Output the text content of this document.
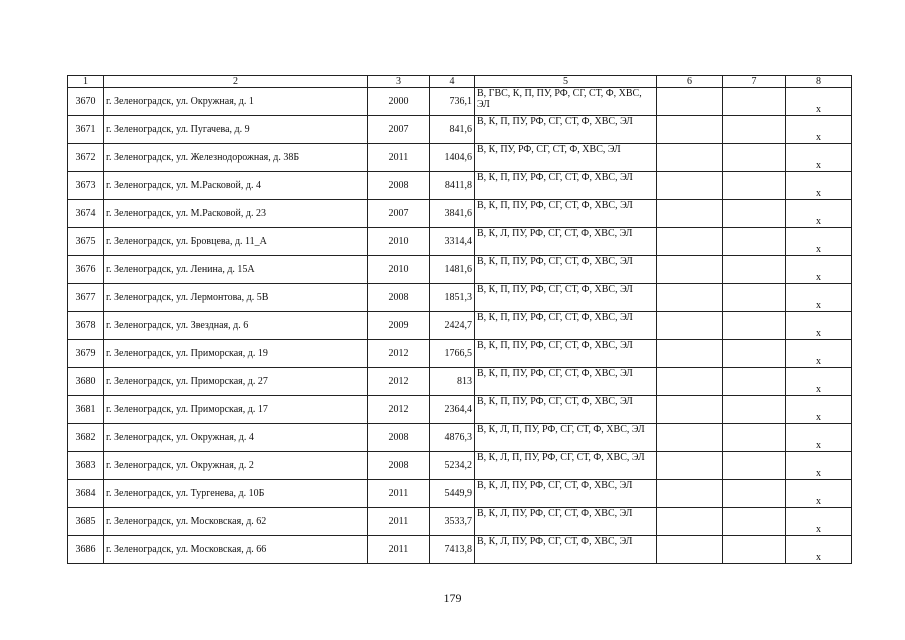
1	2	3	4	5	6	7	8
3670	г. Зеленоградск, ул. Окружная, д. 1	2000	736,1	В, ГВС, К, П, ПУ, РФ, СГ, СТ, Ф, ХВС, ЭЛ			х
3671	г. Зеленоградск, ул. Пугачева, д. 9	2007	841,6	В, К, П, ПУ, РФ, СГ, СТ, Ф, ХВС, ЭЛ			х
3672	г. Зеленоградск, ул. Железнодорожная, д. 38Б	2011	1404,6	В, К, ПУ, РФ, СГ, СТ, Ф, ХВС, ЭЛ			х
3673	г. Зеленоградск, ул. М.Расковой, д. 4	2008	8411,8	В, К, П, ПУ, РФ, СГ, СТ, Ф, ХВС, ЭЛ			х
3674	г. Зеленоградск, ул. М.Расковой, д. 23	2007	3841,6	В, К, П, ПУ, РФ, СГ, СТ, Ф, ХВС, ЭЛ			х
3675	г. Зеленоградск, ул. Бровцева, д. 11_А	2010	3314,4	В, К, Л, ПУ, РФ, СГ, СТ, Ф, ХВС, ЭЛ			х
3676	г. Зеленоградск, ул. Ленина, д. 15А	2010	1481,6	В, К, П, ПУ, РФ, СГ, СТ, Ф, ХВС, ЭЛ			х
3677	г. Зеленоградск, ул. Лермонтова, д. 5В	2008	1851,3	В, К, П, ПУ, РФ, СГ, СТ, Ф, ХВС, ЭЛ			х
3678	г. Зеленоградск, ул. Звездная, д. 6	2009	2424,7	В, К, П, ПУ, РФ, СГ, СТ, Ф, ХВС, ЭЛ			х
3679	г. Зеленоградск, ул. Приморская, д. 19	2012	1766,5	В, К, П, ПУ, РФ, СГ, СТ, Ф, ХВС, ЭЛ			х
3680	г. Зеленоградск, ул. Приморская, д. 27	2012	813	В, К, П, ПУ, РФ, СГ, СТ, Ф, ХВС, ЭЛ			х
3681	г. Зеленоградск, ул. Приморская, д. 17	2012	2364,4	В, К, П, ПУ, РФ, СГ, СТ, Ф, ХВС, ЭЛ			х
3682	г. Зеленоградск, ул. Окружная, д. 4	2008	4876,3	В, К, Л, П, ПУ, РФ, СГ, СТ, Ф, ХВС, ЭЛ			х
3683	г. Зеленоградск, ул. Окружная, д. 2	2008	5234,2	В, К, Л, П, ПУ, РФ, СГ, СТ, Ф, ХВС, ЭЛ			х
3684	г. Зеленоградск, ул. Тургенева, д. 10Б	2011	5449,9	В, К, Л, ПУ, РФ, СГ, СТ, Ф, ХВС, ЭЛ			х
3685	г. Зеленоградск, ул. Московская, д. 62	2011	3533,7	В, К, Л, ПУ, РФ, СГ, СТ, Ф, ХВС, ЭЛ			х
3686	г. Зеленоградск, ул. Московская, д. 66	2011	7413,8	В, К, Л, ПУ, РФ, СГ, СТ, Ф, ХВС, ЭЛ			х
179
